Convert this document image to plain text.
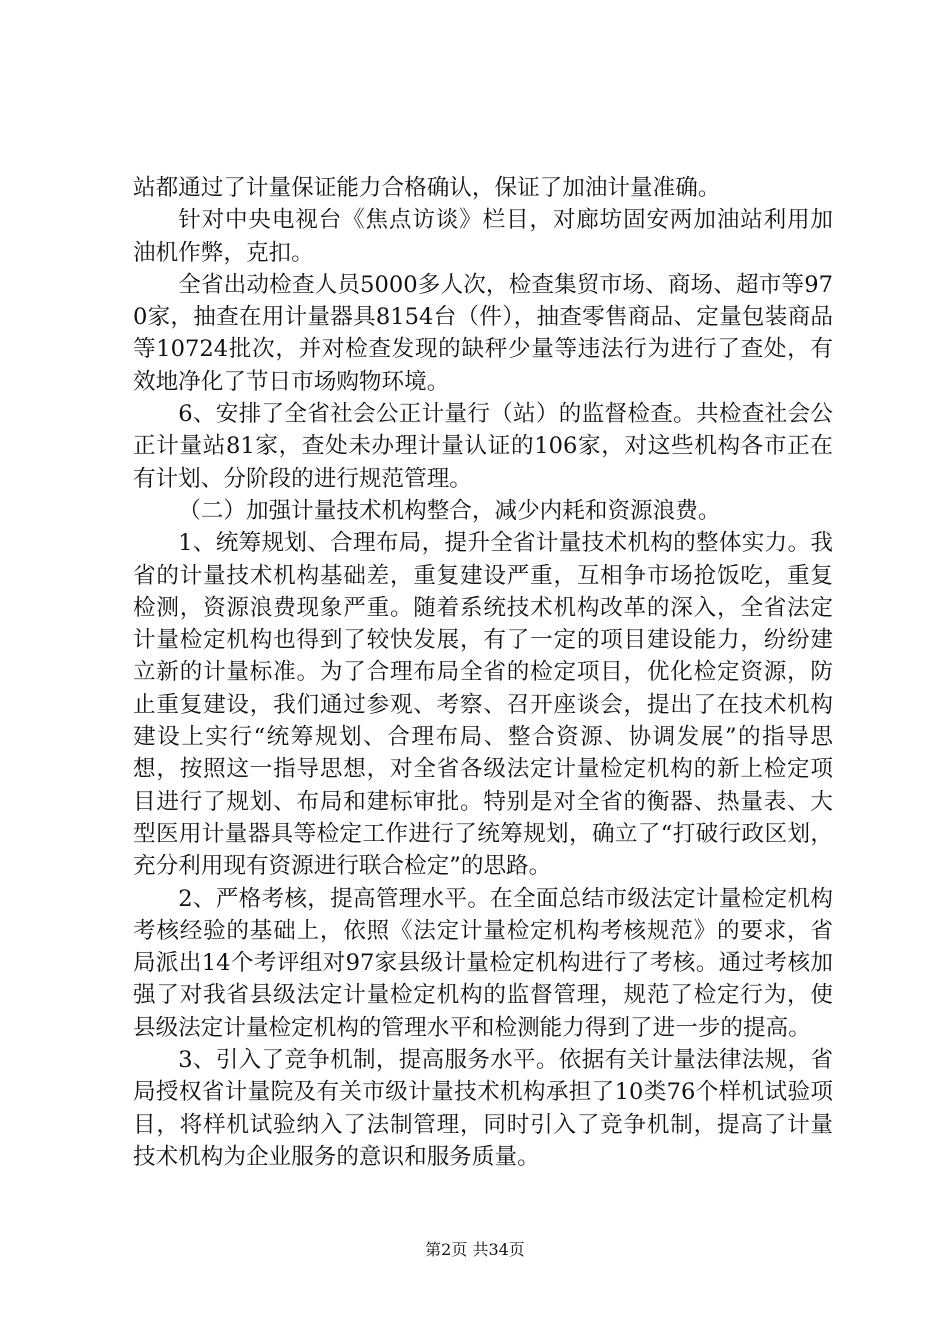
站都通过了计量保证能力合格确认，保证了加油计量准确。

针对中央电视台《焦点访谈》栏目，对廊坊固安两加油站利用加油机作弊，克扣。

全省出动检查人员5000多人次，检查集贸市场、商场、超市等970家，抽查在用计量器具8154台（件），抽查零售商品、定量包装商品等10724批次，并对检查发现的缺秤少量等违法行为进行了查处，有效地净化了节日市场购物环境。

6、安排了全省社会公正计量行（站）的监督检查。共检查社会公正计量站81家，查处未办理计量认证的106家，对这些机构各市正在有计划、分阶段的进行规范管理。

（二）加强计量技术机构整合，减少内耗和资源浪费。

1、统筹规划、合理布局，提升全省计量技术机构的整体实力。我省的计量技术机构基础差，重复建设严重，互相争市场抢饭吃，重复检测，资源浪费现象严重。随着系统技术机构改革的深入，全省法定计量检定机构也得到了较快发展，有了一定的项目建设能力，纷纷建立新的计量标准。为了合理布局全省的检定项目，优化检定资源，防止重复建设，我们通过参观、考察、召开座谈会，提出了在技术机构建设上实行“统筹规划、合理布局、整合资源、协调发展”的指导思想，按照这一指导思想，对全省各级法定计量检定机构的新上检定项目进行了规划、布局和建标审批。特别是对全省的衡器、热量表、大型医用计量器具等检定工作进行了统筹规划，确立了“打破行政区划，充分利用现有资源进行联合检定”的思路。

2、严格考核，提高管理水平。在全面总结市级法定计量检定机构考核经验的基础上，依照《法定计量检定机构考核规范》的要求，省局派出14个考评组对97家县级计量检定机构进行了考核。通过考核加强了对我省县级法定计量检定机构的监督管理，规范了检定行为，使县级法定计量检定机构的管理水平和检测能力得到了进一步的提高。

3、引入了竞争机制，提高服务水平。依据有关计量法律法规，省局授权省计量院及有关市级计量技术机构承担了10类76个样机试验项目，将样机试验纳入了法制管理，同时引入了竞争机制，提高了计量技术机构为企业服务的意识和服务质量。

第2页 共34页
